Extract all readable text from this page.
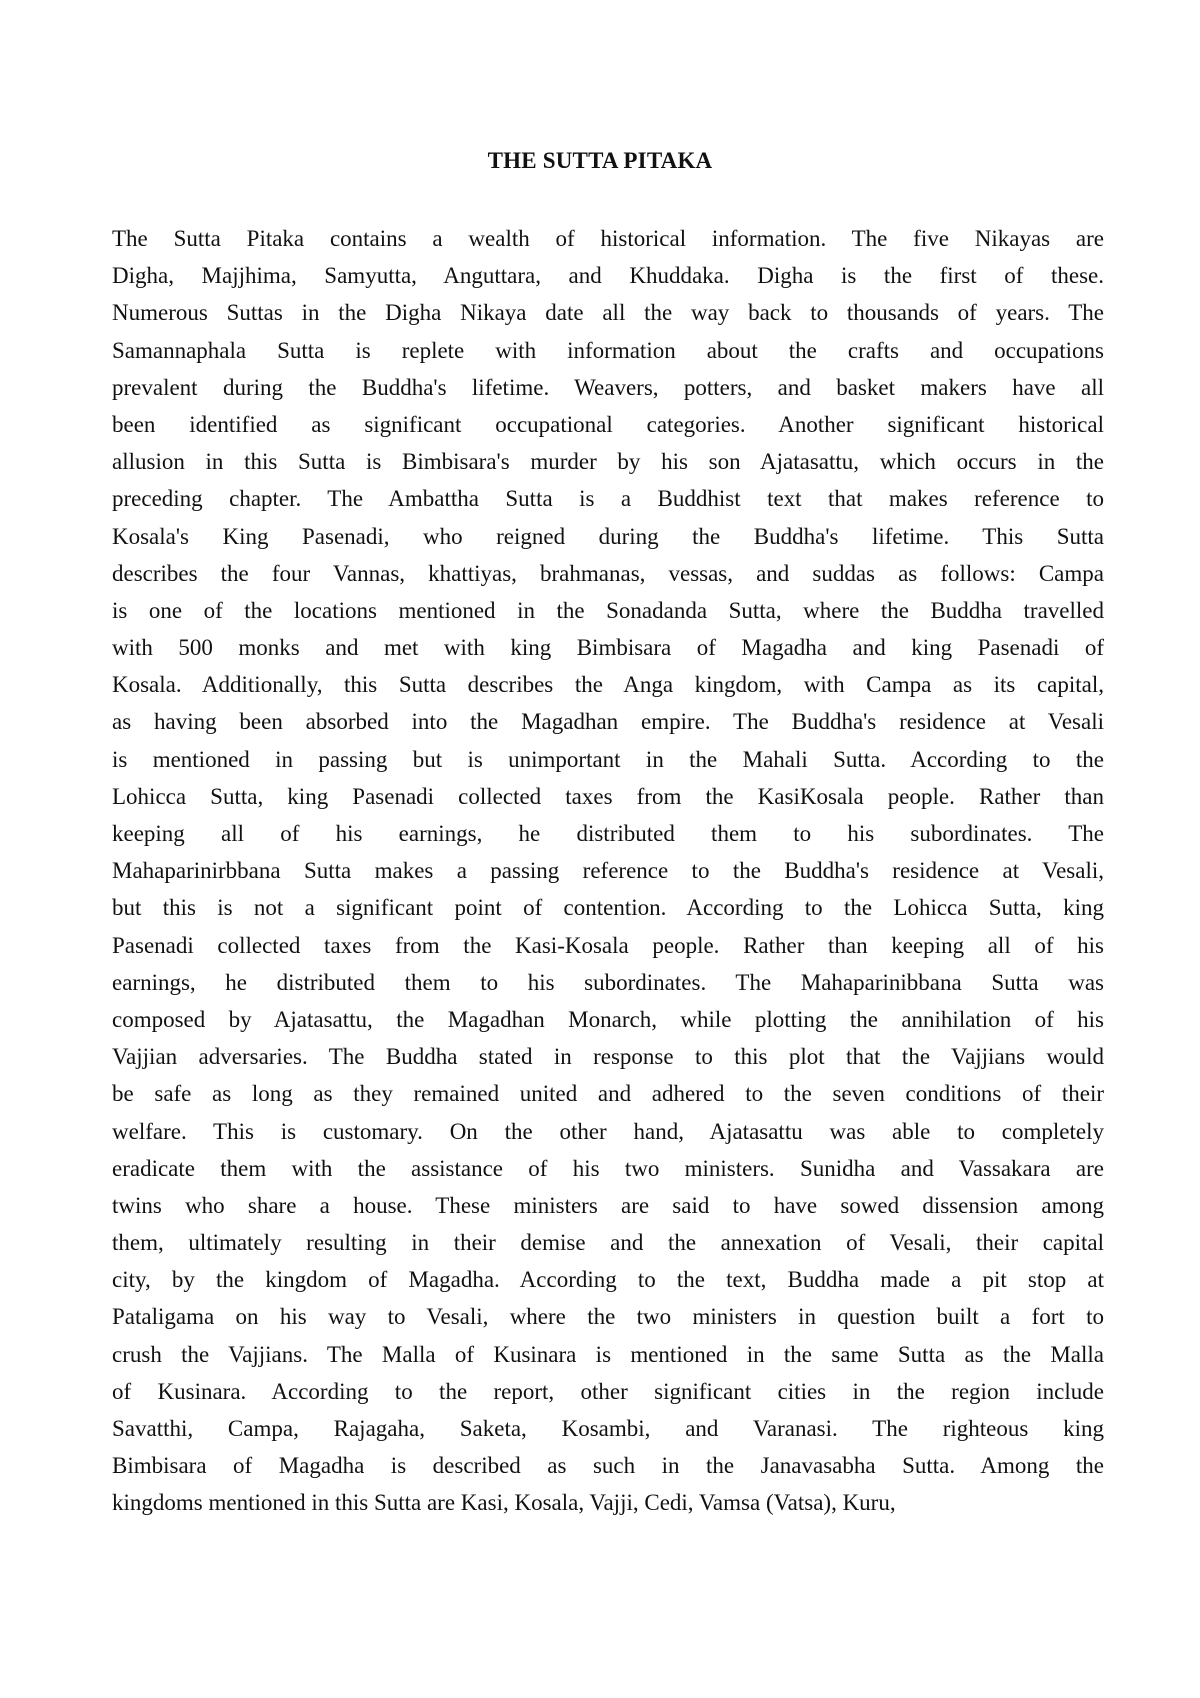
THE SUTTA PITAKA
The Sutta Pitaka contains a wealth of historical information. The five Nikayas are
Digha, Majjhima, Samyutta, Anguttara, and Khuddaka. Digha is the first of these.
Numerous Suttas in the Digha Nikaya date all the way back to thousands of years. The
Samannaphala Sutta is replete with information about the crafts and occupations
prevalent during the Buddha's lifetime. Weavers, potters, and basket makers have all
been identified as significant occupational categories. Another significant historical
allusion in this Sutta is Bimbisara's murder by his son Ajatasattu, which occurs in the
preceding chapter. The Ambattha Sutta is a Buddhist text that makes reference to
Kosala's King Pasenadi, who reigned during the Buddha's lifetime. This Sutta
describes the four Vannas, khattiyas, brahmanas, vessas, and suddas as follows: Campa
is one of the locations mentioned in the Sonadanda Sutta, where the Buddha travelled
with 500 monks and met with king Bimbisara of Magadha and king Pasenadi of
Kosala. Additionally, this Sutta describes the Anga kingdom, with Campa as its capital,
as having been absorbed into the Magadhan empire. The Buddha's residence at Vesali
is mentioned in passing but is unimportant in the Mahali Sutta. According to the
Lohicca Sutta, king Pasenadi collected taxes from the KasiKosala people. Rather than
keeping all of his earnings, he distributed them to his subordinates. The
Mahaparinirbbana Sutta makes a passing reference to the Buddha's residence at Vesali,
but this is not a significant point of contention. According to the Lohicca Sutta, king
Pasenadi collected taxes from the Kasi-Kosala people. Rather than keeping all of his
earnings, he distributed them to his subordinates. The Mahaparinibbana Sutta was
composed by Ajatasattu, the Magadhan Monarch, while plotting the annihilation of his
Vajjian adversaries. The Buddha stated in response to this plot that the Vajjians would
be safe as long as they remained united and adhered to the seven conditions of their
welfare. This is customary. On the other hand, Ajatasattu was able to completely
eradicate them with the assistance of his two ministers. Sunidha and Vassakara are
twins who share a house. These ministers are said to have sowed dissension among
them, ultimately resulting in their demise and the annexation of Vesali, their capital
city, by the kingdom of Magadha. According to the text, Buddha made a pit stop at
Pataligama on his way to Vesali, where the two ministers in question built a fort to
crush the Vajjians. The Malla of Kusinara is mentioned in the same Sutta as the Malla
of Kusinara. According to the report, other significant cities in the region include
Savatthi, Campa, Rajagaha, Saketa, Kosambi, and Varanasi. The righteous king
Bimbisara of Magadha is described as such in the Janavasabha Sutta. Among the
kingdoms mentioned in this Sutta are Kasi, Kosala, Vajji, Cedi, Vamsa (Vatsa), Kuru,
